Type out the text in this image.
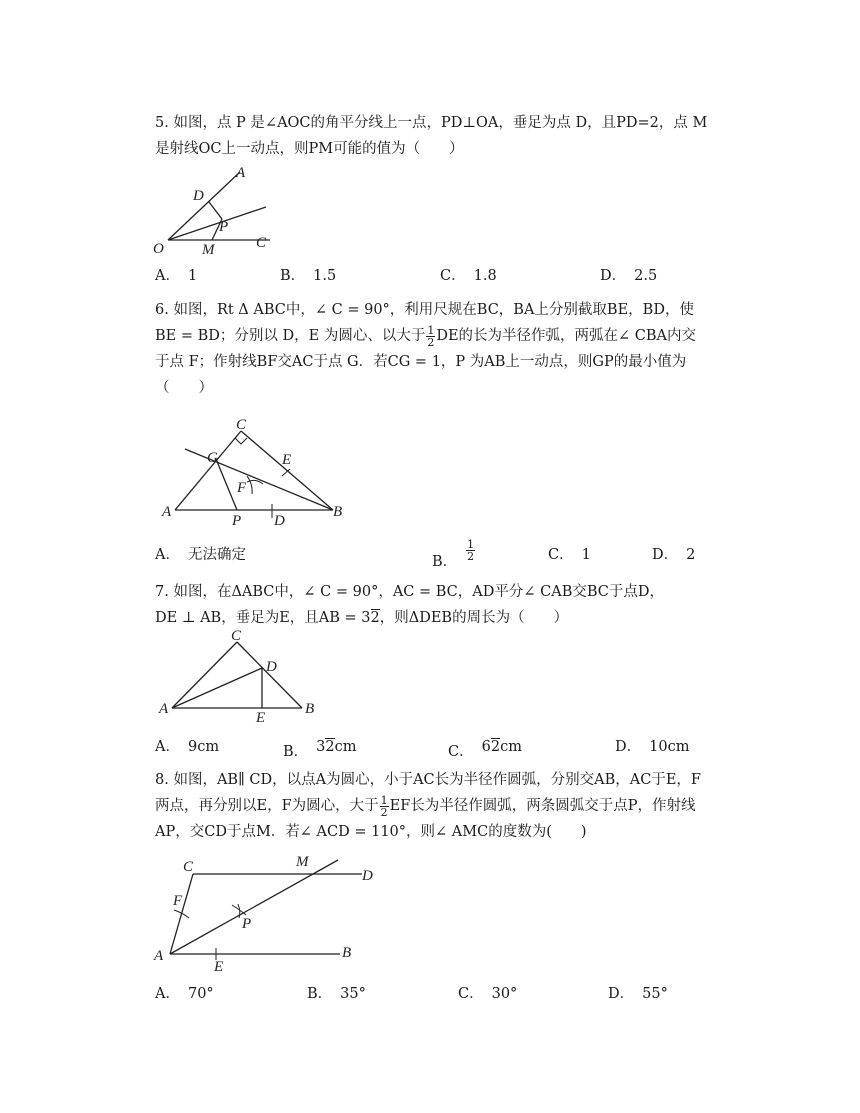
5. 如图，点 P 是∠AOC的角平分线上一点，PD⊥OA，垂足为点 D，且PD=2，点 M
是射线OC上一动点，则PM可能的值为（　　）
A
D
P
O	M	C
A． 1	B． 1.5	C． 1.8	D． 2.5
6. 如图，Rt Δ ABC中，∠ C = 90°，利用尺规在BC，BA上分别截取BE，BD，使
BE = BD；分别以 D，E 为圆心、以大于 $\frac{1}{2}$ DE的长为半径作弧，两弧在∠ CBA内交
于点 F；作射线BF交AC于点 G．若CG = 1，P 为AB上一动点，则GP的最小值为
（　　）
C
G	E
F
A
P D
B
A． 无法确定	B．
$\frac{1}{2}$	C． 1	D． 2
7. 如图，在ΔABC中，∠ C = 90°，AC = BC，AD平分∠ CAB交BC于点D，
DE ⊥ AB，垂足为E，且AB = 32，则ΔDEB的周长为（　　）
C
D
A
E
B
A． 9cm	B． 32cm	C． 62cm	D． 10cm
8. 如图，AB∥ CD，以点A为圆心，小于AC长为半径作圆弧，分别交AB，AC于E，F
两点，再分别以E，F为圆心，大于 $\frac{1}{2}$ EF长为半径作圆弧，两条圆弧交于点P，作射线
AP，交CD于点M．若∠ ACD = 110°，则∠ AMC的度数为(　　)
C	M
D
F
P
A
E
B
A． 70°	B． 35°	C． 30°	D． 55°
